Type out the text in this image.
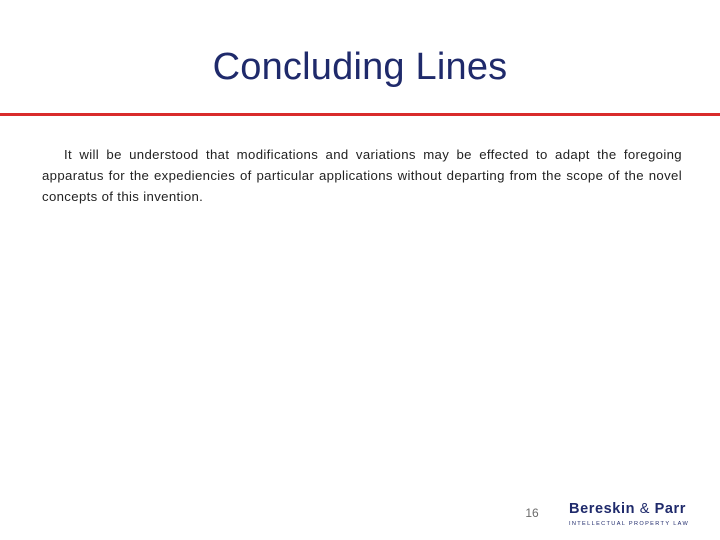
Concluding Lines
It will be understood that modifications and variations may be effected to adapt the foregoing apparatus for the expediencies of particular applications without departing from the scope of the novel concepts of this invention.
16	Bereskin & Parr
INTELLECTUAL PROPERTY LAW
